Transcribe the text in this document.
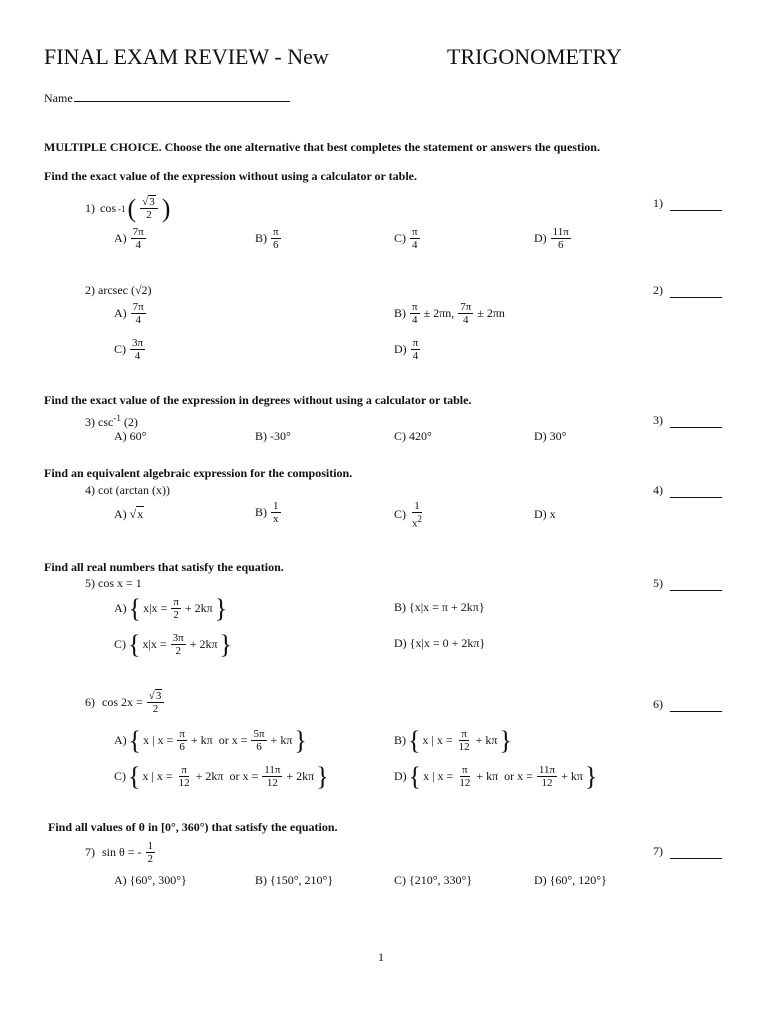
FINAL EXAM REVIEW - New	TRIGONOMETRY
Name
MULTIPLE CHOICE. Choose the one alternative that best completes the statement or answers the question.
Find the exact value of the expression without using a calculator or table.
1) cos -1 ( $\frac{√3}{2}$ )	1)
$A) \frac{7\pi}{4}$	$B) \frac{\pi}{6}$	$C) \frac{\pi}{4}$	$D) \frac{11\pi}{6}$
2) arcsec (√2)	2)
$A) \frac{7\pi}{4}$	$B) \frac{\pi}{4} \pm 2\pi n$, $\frac{7\pi}{4} \pm 2\pi n$
$C) \frac{3\pi}{4}$	$D) \frac{\pi}{4}$
Find the exact value of the expression in degrees without using a calculator or table.
3) $\csc^{-1} (2)$	3)
A) 60°	B) -30°	C) 420°	D) 30°
Find an equivalent algebraic expression for the composition.
4) cot (arctan (x))	4)
A) √x	$B) \frac{1}{x}$	$C) \frac{1}{x^2}$	D) x
Find all real numbers that satisfy the equation.
5) cos x = 1	5)
A) { $x|x = \frac{\pi}{2} + 2k\pi$ }	B) {x|x = π + 2kπ}
C) { $x|x = \frac{3\pi}{2} + 2k\pi$ }	D) {x|x = 0 + 2kπ}
6)
$\cos 2x = \frac{√3}{2}$	6)
A) { x | $x = \frac{\pi}{6} + k\pi$  or $x = \frac{5\pi}{6} + k\pi$ }	B) { x | $x = \frac{\pi}{12} + k\pi$ }
C) { x | $x = \frac{\pi}{12} + 2k\pi$  or $x = \frac{11\pi}{12} + 2k\pi$ }	D) { x | $x = \frac{\pi}{12} + k\pi$  or $x = \frac{11\pi}{12} + k\pi$ }
Find all values of θ in [0°, 360°) that satisfy the equation.
7)
sin θ = - $\frac{1}{2}$	7)
A) {60°, 300°}	B) {150°, 210°}	C) {210°, 330°}	D) {60°, 120°}
1
